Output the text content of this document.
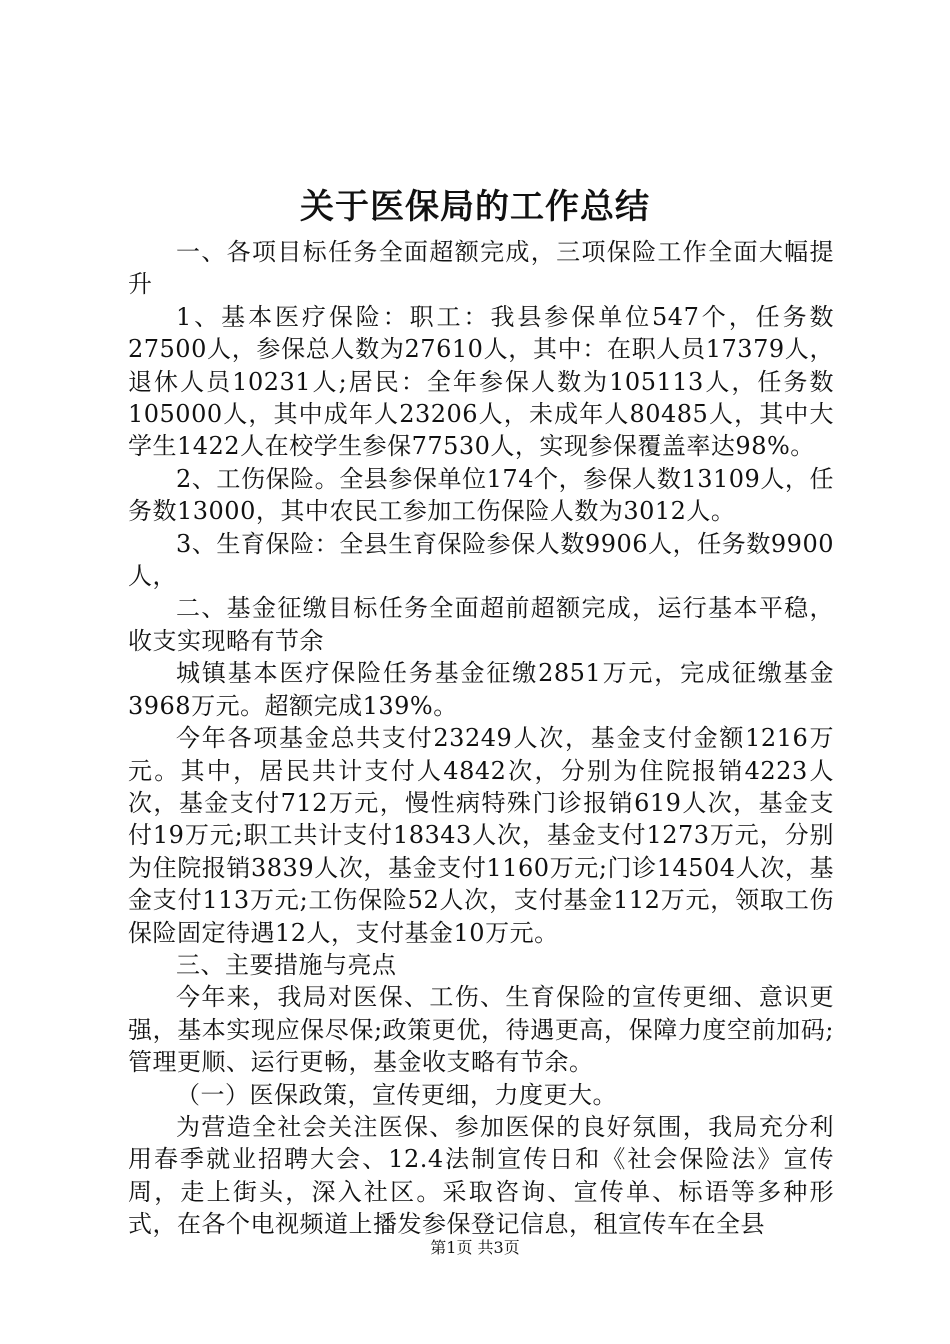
关于医保局的工作总结

一、各项目标任务全面超额完成，三项保险工作全面大幅提升

1、基本医疗保险：职工：我县参保单位547个，任务数27500人，参保总人数为27610人，其中：在职人员17379人，退休人员10231人;居民：全年参保人数为105113人，任务数105000人，其中成年人23206人，未成年人80485人，其中大学生1422人在校学生参保77530人，实现参保覆盖率达98%。

2、工伤保险。全县参保单位174个，参保人数13109人，任务数13000，其中农民工参加工伤保险人数为3012人。

3、生育保险：全县生育保险参保人数9906人，任务数9900人，

二、基金征缴目标任务全面超前超额完成，运行基本平稳，收支实现略有节余

城镇基本医疗保险任务基金征缴2851万元，完成征缴基金3968万元。超额完成139%。

今年各项基金总共支付23249人次，基金支付金额1216万元。其中，居民共计支付人4842次，分别为住院报销4223人次，基金支付712万元，慢性病特殊门诊报销619人次，基金支付19万元;职工共计支付18343人次，基金支付1273万元，分别为住院报销3839人次，基金支付1160万元;门诊14504人次，基金支付113万元;工伤保险52人次，支付基金112万元，领取工伤保险固定待遇12人，支付基金10万元。

三、主要措施与亮点

今年来，我局对医保、工伤、生育保险的宣传更细、意识更强，基本实现应保尽保;政策更优，待遇更高，保障力度空前加码;管理更顺、运行更畅，基金收支略有节余。

（一）医保政策，宣传更细，力度更大。

为营造全社会关注医保、参加医保的良好氛围，我局充分利用春季就业招聘大会、12.4法制宣传日和《社会保险法》宣传周，走上街头，深入社区。采取咨询、宣传单、标语等多种形式，在各个电视频道上播发参保登记信息，租宣传车在全县

第1页 共3页
